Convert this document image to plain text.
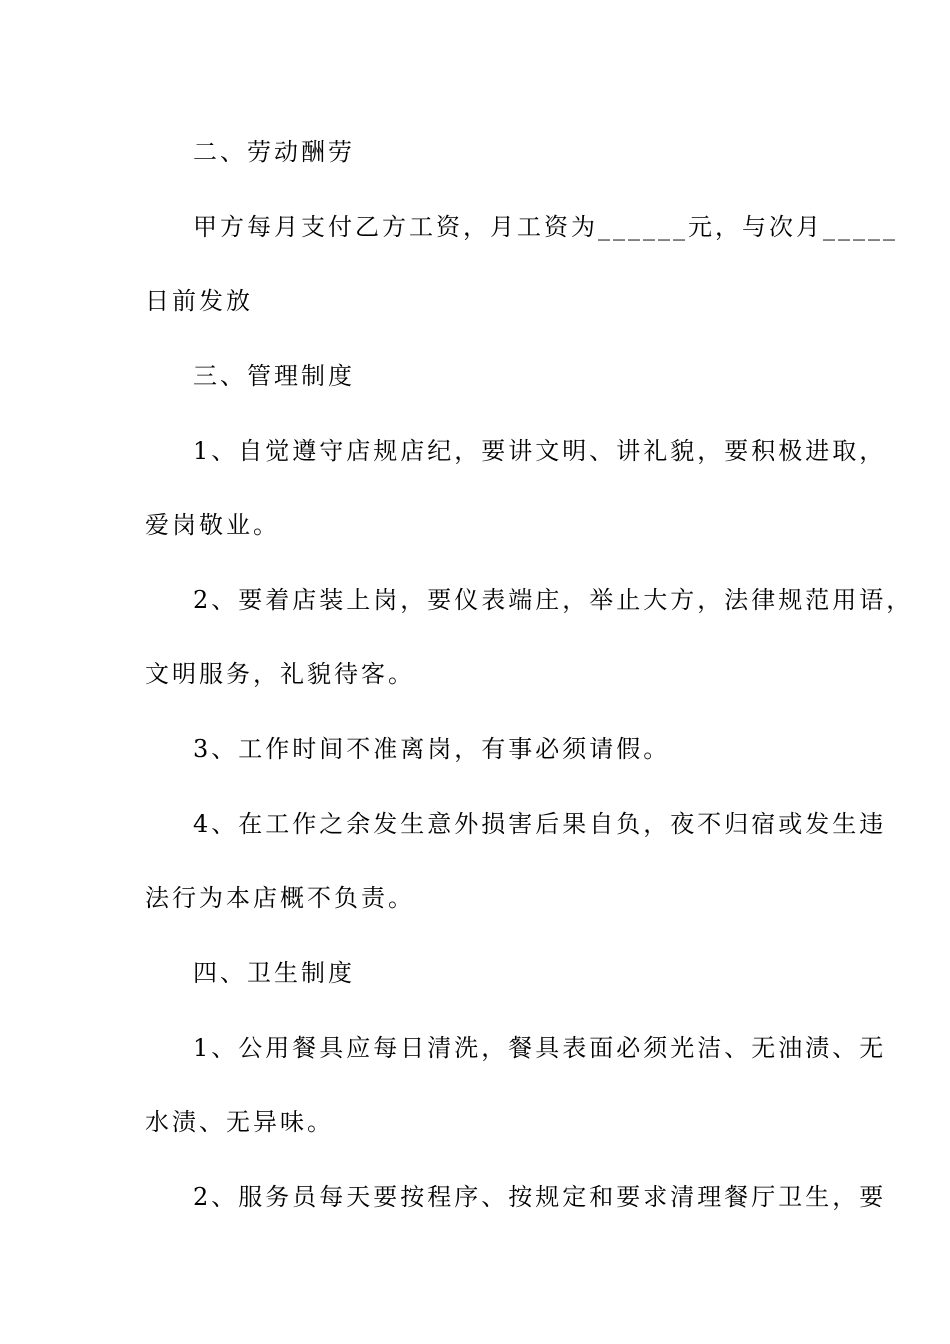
二、劳动酬劳
甲方每月支付乙方工资，月工资为______元，与次月_____
日前发放
三、管理制度
1、自觉遵守店规店纪，要讲文明、讲礼貌，要积极进取，
爱岗敬业。
2、要着店装上岗，要仪表端庄，举止大方，法律规范用语，
文明服务，礼貌待客。
3、工作时间不准离岗，有事必须请假。
4、在工作之余发生意外损害后果自负，夜不归宿或发生违
法行为本店概不负责。
四、卫生制度
1、公用餐具应每日清洗，餐具表面必须光洁、无油渍、无
水渍、无异味。
2、服务员每天要按程序、按规定和要求清理餐厅卫生，要
